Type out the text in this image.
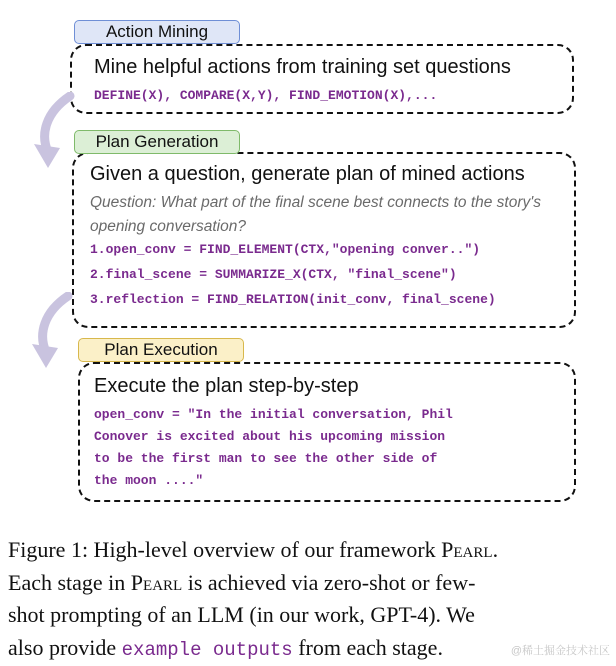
Action Mining
Mine helpful actions from training set questions
DEFINE(X), COMPARE(X,Y), FIND_EMOTION(X),...
Plan Generation
Given a question, generate plan of mined actions
Question: What part of the final scene best connects to the story's opening conversation?
1.open_conv = FIND_ELEMENT(CTX,"opening conver..")
2.final_scene = SUMMARIZE_X(CTX, "final_scene")
3.reflection = FIND_RELATION(init_conv, final_scene)
Plan Execution
Execute the plan step-by-step
open_conv = "In the initial conversation, Phil
Conover is excited about his upcoming mission
to be the first man to see the other side of
the moon ...."
Figure 1: High-level overview of our framework Pearl.
Each stage in Pearl is achieved via zero-shot or few-
shot prompting of an LLM (in our work, GPT-4). We
also provide example outputs from each stage.	@稀土掘金技术社区
